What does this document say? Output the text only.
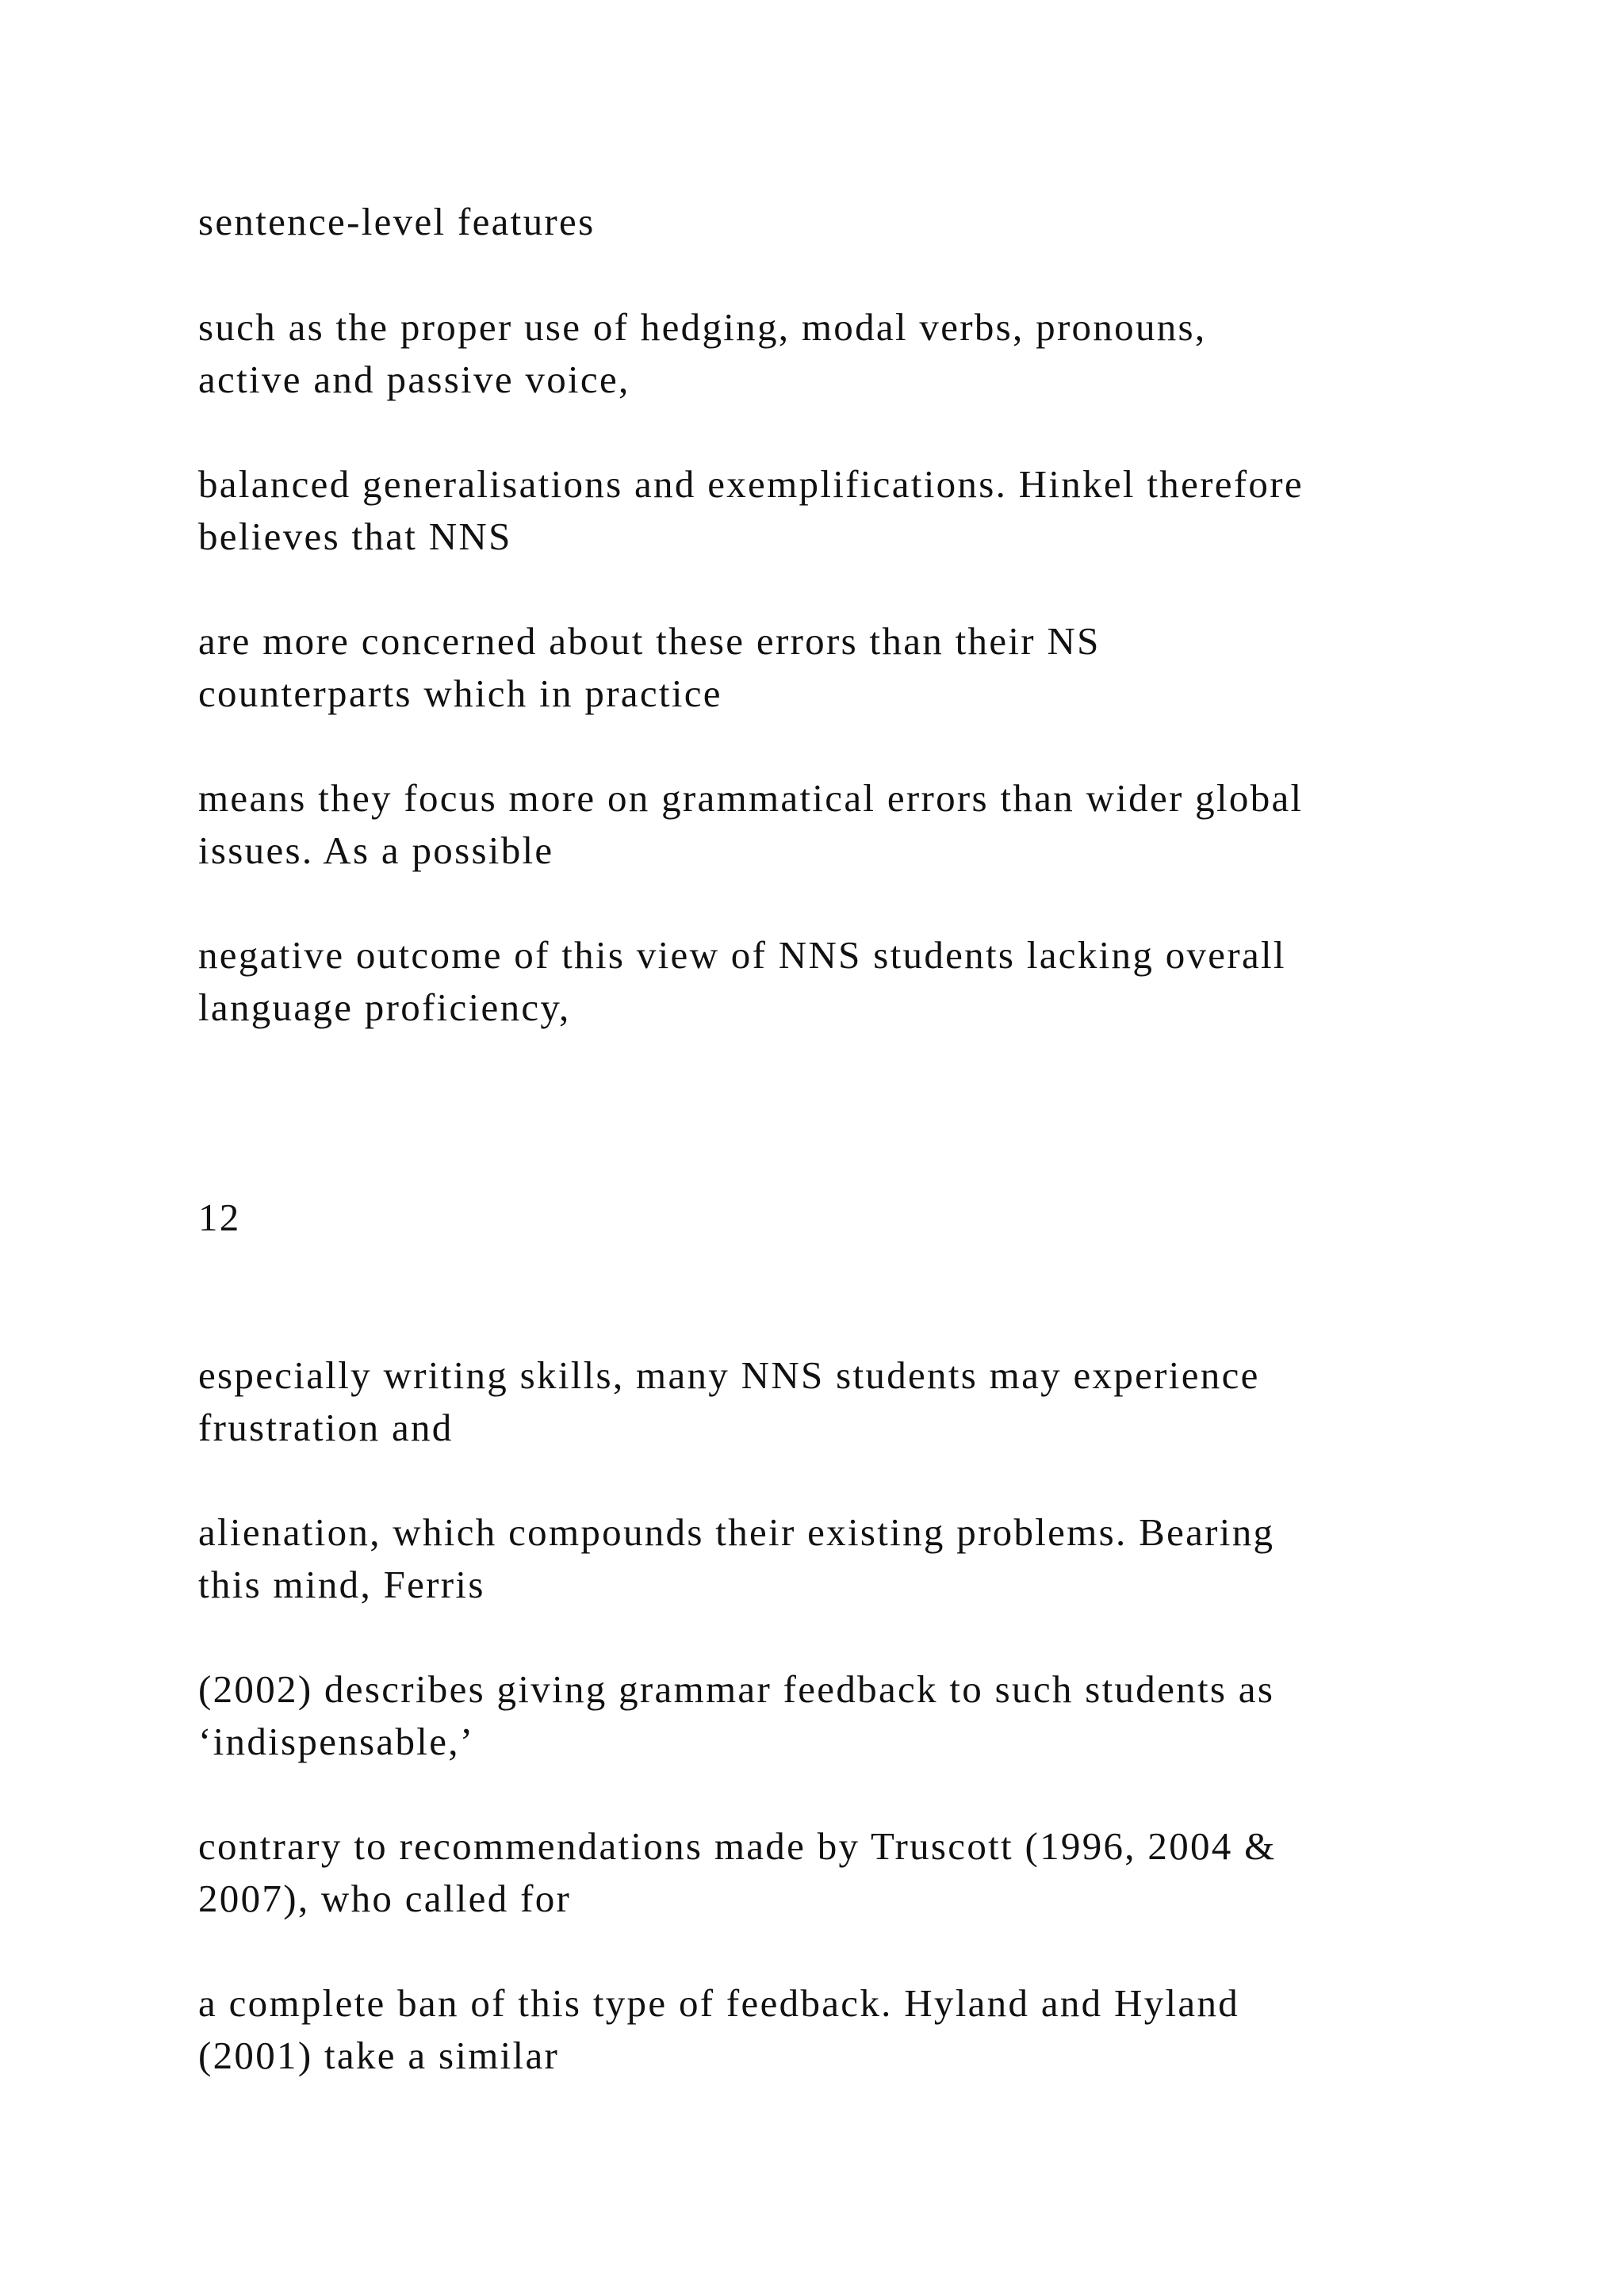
sentence-level features

such as the proper use of hedging, modal verbs, pronouns,
active and passive voice,

balanced generalisations and exemplifications. Hinkel therefore
believes that NNS

are more concerned about these errors than their NS
counterparts which in practice

means they focus more on grammatical errors than wider global
issues. As a possible

negative outcome of this view of NNS students lacking overall
language proficiency,

12

especially writing skills, many NNS students may experience
frustration and

alienation, which compounds their existing problems. Bearing
this mind, Ferris

(2002) describes giving grammar feedback to such students as
‘indispensable,’

contrary to recommendations made by Truscott (1996, 2004 &
2007), who called for

a complete ban of this type of feedback. Hyland and Hyland
(2001) take a similar
